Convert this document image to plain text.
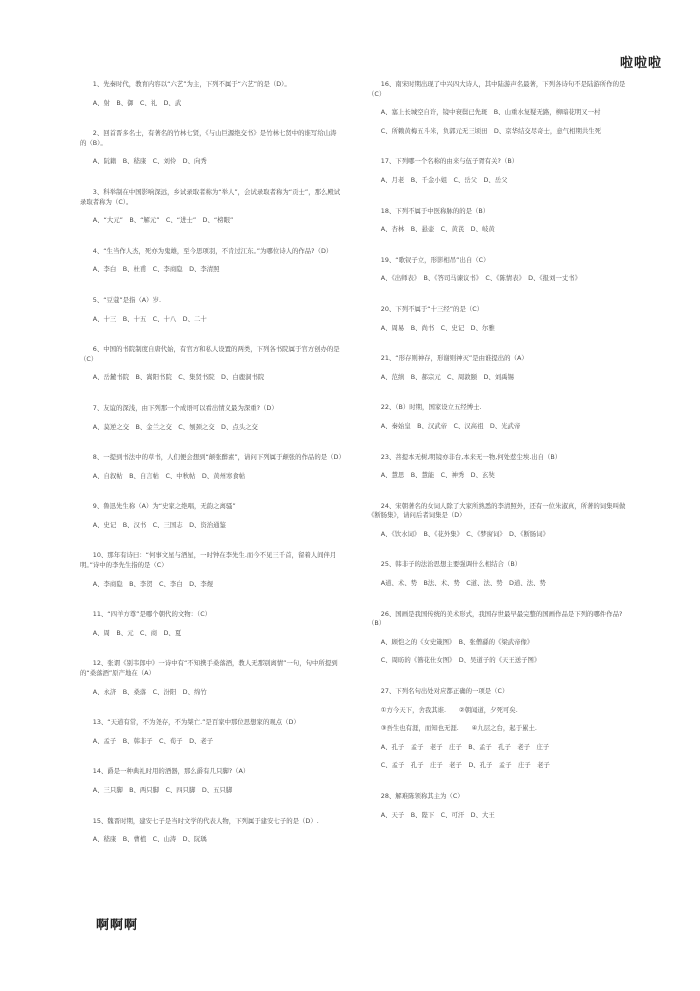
啦啦啦

　　1、先秦时代，教育内容以“六艺”为主，下列不属于“六艺”的是（D）。

　　A、射　B、御　C、礼　D、武

　　2、回首晋多名士，有著名的竹林七贤，《与山巨源绝交书》是竹林七贤中的谁写给山涛的（B）。

　　A、阮籍　B、嵇康　C、刘伶　D、向秀

　　3、科举制在中国影响深远，乡试录取者称为“举人”，会试录取者称为“贡士”，那么殿试录取者称为（C）。

　　A、“大元”　B、“解元”　C、“进士”　D、“榜眼”

　　4、“生当作人杰，死亦为鬼雄，至今思项羽，不肯过江东。”为哪位诗人的作品?（D）

　　A、李白　B、杜甫　C、李商隐　D、李清照

　　5、“豆蔻”是指（A）岁.

　　A、十三　B、十五　C、十八　D、二十

　　6、中国的书院制度自唐代始，有官方和私人设置的两类，下列各书院属于官方创办的是（C）

　　A、岳麓书院　B、嵩阳书院　C、集贤书院　D、白鹿洞书院

　　7、友谊的深浅，由下列那一个成语可以看出情义最为深重?（D）

　　A、莫逆之交　B、金兰之交　C、刎颈之交　D、点头之交

　　8、一提到书法中的草书，人们便会想到“颠张醉素”，请问下列属于颠张的作品的是（D）

　　A、自叙帖　B、自言帖　C、中秋帖　D、黄州寒食帖

　　9、鲁迅先生称（A）为“史家之绝唱，无韵之离骚”

　　A、史记　B、汉书　C、三国志　D、资治通鉴

　　10、那年有诗曰：“何事文星与酒星，一时钟在李先生.而今不见三千首，留着人间伴月明。”诗中的李先生指的是（C）

　　A、李商隐　B、李贺　C、李白　D、李煜

　　11、“四羊方尊”是哪个朝代的文物：（C）

　　A、周　B、元　C、商　D、夏

　　12、张谓《别韦郎中》一诗中有“不知携手桑落酒，教人无那别离情”一句，句中所提到的“桑落酒”原产地在（A）

　　A、永济　B、桑落　C、汾阳　D、绵竹

　　13、“天道有常，不为尧存，不为桀亡.”是百家中那位思想家的观点（D）

　　A、孟子　B、韩非子　C、荀子　D、老子

　　14、爵是一种典礼时用的酒器，那么爵有几只脚?（A）

　　A、三只脚　B、两只脚　C、四只脚　D、五只脚

　　15、魏晋时期，建安七子是当时文学的代表人物，下列属于建安七子的是（D）.

　　A、嵇康　B、曹植　C、山涛　D、阮瑀

　　16、南宋时期出现了中兴四大诗人，其中陆游声名最著，下列各诗句不是陆游所作的是（C）

　　A、塞上长城空自许，镜中衰鬓已先斑　B、山重水复疑无路，柳暗花明又一村

　　C、所赖黄梅五斗米，负郭元无三顷田　D、京华结交尽奇士，意气相期共生死

　　17、下列哪一个名称的由来与伍子胥有关?（B）

　　A、月老　B、千金小姐　C、岳父　D、岳父

　　18、下列不属于中医称脉的的是（B）

　　A、杏林　B、悬壶　C、黄芪　D、岐黄

　　19、“歌钗子立，形影相吊”出自（C）

　　A、《出师表》　B、《答司马谏议书》　C、《陈情表》　D、《报刘一丈书》

　　20、下列不属于“十三经”的是（C）

　　A、周易　B、尚书　C、史记　D、尔雅

　　21、“形存则神存，形谢则神灭”是由谁提出的（A）

　　A、范缜　B、郝宗元　C、周敦颐　D、刘禹锡

　　22、（B）时期，国家设立五经博士.

　　A、秦始皇　B、汉武帝　C、汉高祖　D、光武帝

　　23、菩提本无树,明镜亦非台,本来无一物,何处惹尘埃.出自（B）

　　A、慧思　B、慧能　C、神秀　D、玄奘

　　24、宋朝著名的女词人除了大家所熟悉的李清照外，还有一位朱淑真，所著的词集叫做《断肠集》，请问后者词集是（D）

　　A、《饮水词》　B、《花外集》　C、《梦窗词》　D、《断肠词》

　　25、韩非子的法治思想主要强调什么相结合（B）

　　A道、术、势　B法、术、势　C道、法、势　D道、法、势

　　26、国画是我国传统的美术形式，我国存世最早最完整的国画作品是下列的哪件作品?（B）

　　A、顾恺之的《女史箴图》　B、张僧繇的《梁武帝像》

　　C、周昉的《簪花仕女图》　D、吴道子的《天王送子图》

　　27、下列名句出处对应都正确的一项是（C）

　　①方今天下，舍我其谁.　　②朝闻道，夕死可矣.

　　③吾生也有涯，而知也无涯.　　④九层之台，起于累土.

　　A、孔子　孟子　老子　庄子　B、孟子　孔子　老子　庄子

　　C、孟子　孔子　庄子　老子　D、孔子　孟子　庄子　老子

　　28、解难陈领称其主为（C）

　　A、天子　B、陛下　C、可汗　D、大王

啊啊啊
